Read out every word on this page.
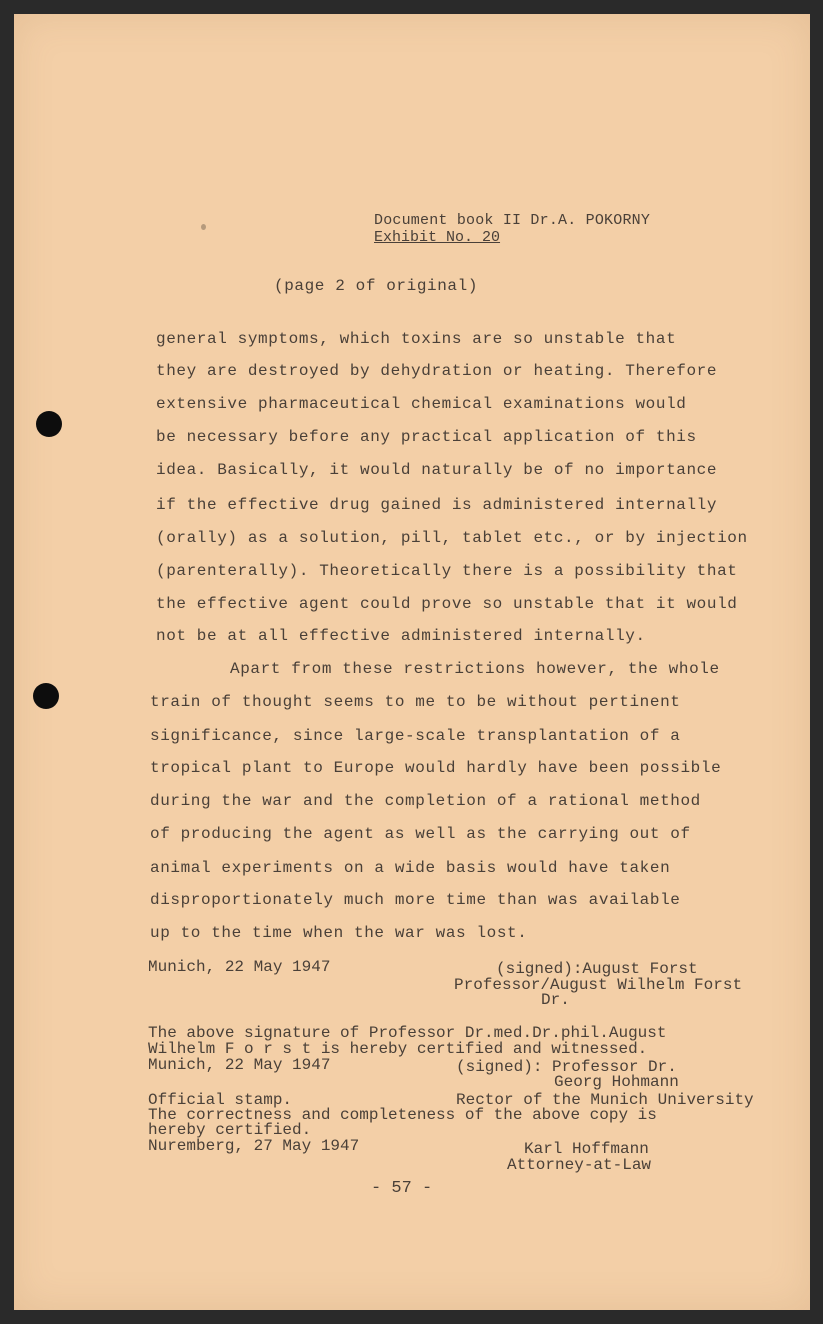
Document book II Dr.A. POKORNY
Exhibit No. 20
(page 2 of original)
general symptoms, which toxins are so unstable that
they are destroyed by dehydration or heating. Therefore
extensive pharmaceutical chemical examinations would
be necessary before any practical application of this
idea. Basically, it would naturally be of no importance
if the effective drug gained is administered internally
(orally) as a solution, pill, tablet etc., or by injection
(parenterally). Theoretically there is a possibility that
the effective agent could prove so unstable that it would
not be at all effective administered internally.
Apart from these restrictions however, the whole
train of thought seems to me to be without pertinent
significance, since large-scale transplantation of a
tropical plant to Europe would hardly have been possible
during the war and the completion of a rational method
of producing the agent as well as the carrying out of
animal experiments on a wide basis would have taken
disproportionately much more time than was available
up to the time when the war was lost.
Munich, 22 May 1947	(signed):August Forst
Professor/August Wilhelm Forst
Dr.
The above signature of Professor Dr.med.Dr.phil.August
Wilhelm F o r s t is hereby certified and witnessed.
Munich, 22 May 1947	(signed): Professor Dr.
Georg Hohmann
Official stamp.	Rector of the Munich University
The correctness and completeness of the above copy is
hereby certified.
Nuremberg, 27 May 1947	Karl Hoffmann
Attorney-at-Law
- 57 -
